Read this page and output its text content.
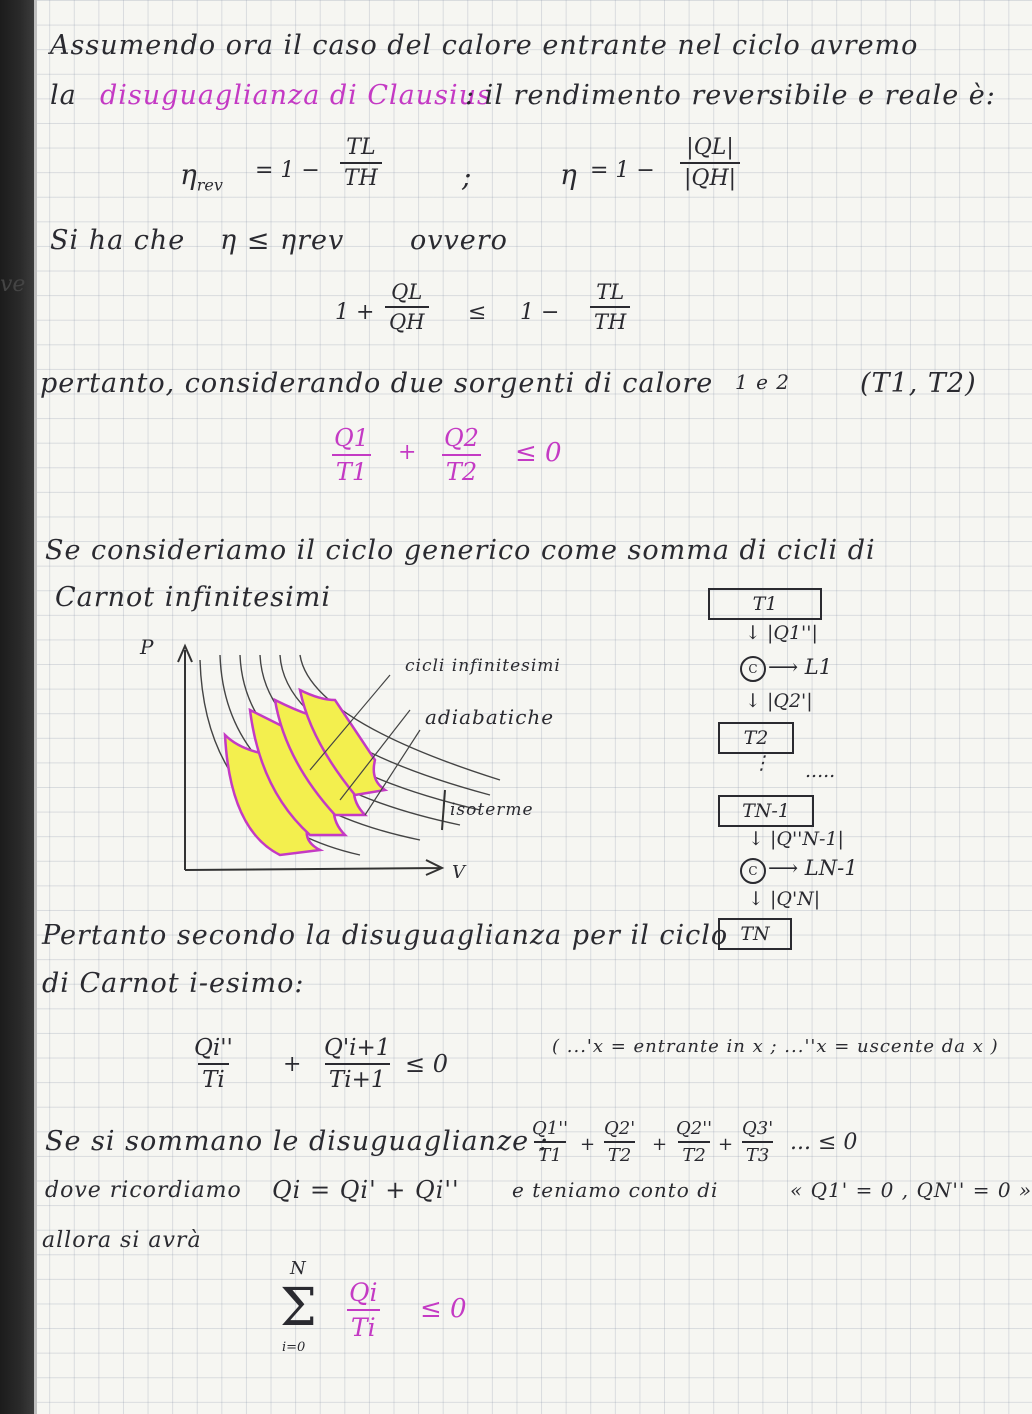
ve
Assumendo ora il caso del calore entrante nel ciclo avremo
la disuguaglianza di Clausius
: il rendimento reversibile e reale è:
$\eta_{rev}$
= $1 - \frac{TL}{TH}$	;	$\eta = 1 - \frac{|QL|}{|QH|}$
Si ha che η ≤ ηrev ovvero
$1 + \frac{QL}{QH} \le 1 - \frac{TL}{TH}$
pertanto, considerando due sorgenti di calore 1 e 2	(T1, T2)
$\frac{Q1}{T1} + \frac{Q2}{T2} \le 0$
Se consideriamo il ciclo generico come somma di cicli di
Carnot infinitesimi
P
V
cicli infinitesimi
adiabatiche
isoterme
T1
↓ |Q1''|
C ⟶ L1
↓ |Q2'|
T2
⋮ .....
TN-1
↓ |Q''N-1|
C ⟶ LN-1
↓ |Q'N|
TN
Pertanto secondo la disuguaglianza per il ciclo
di Carnot i-esimo:
$\frac{Qi''}{Ti} + \frac{Q'i+1}{Ti+1} \le 0$
( ...'x = entrante in x ; ...''x = uscente da x )
Se si sommano le disuguaglianze :
$\frac{Q1''}{T1} + \frac{Q2'}{T2} + \frac{Q2''}{T2} + \frac{Q3'}{T3}$ ... ≤ 0
dove ricordiamo Qi = Qi' + Qi''	e teniamo conto di	« Q1' = 0 , QN'' = 0 »
allora si avrà
N
Σ
i=0
$\frac{Qi}{Ti} \le 0$
